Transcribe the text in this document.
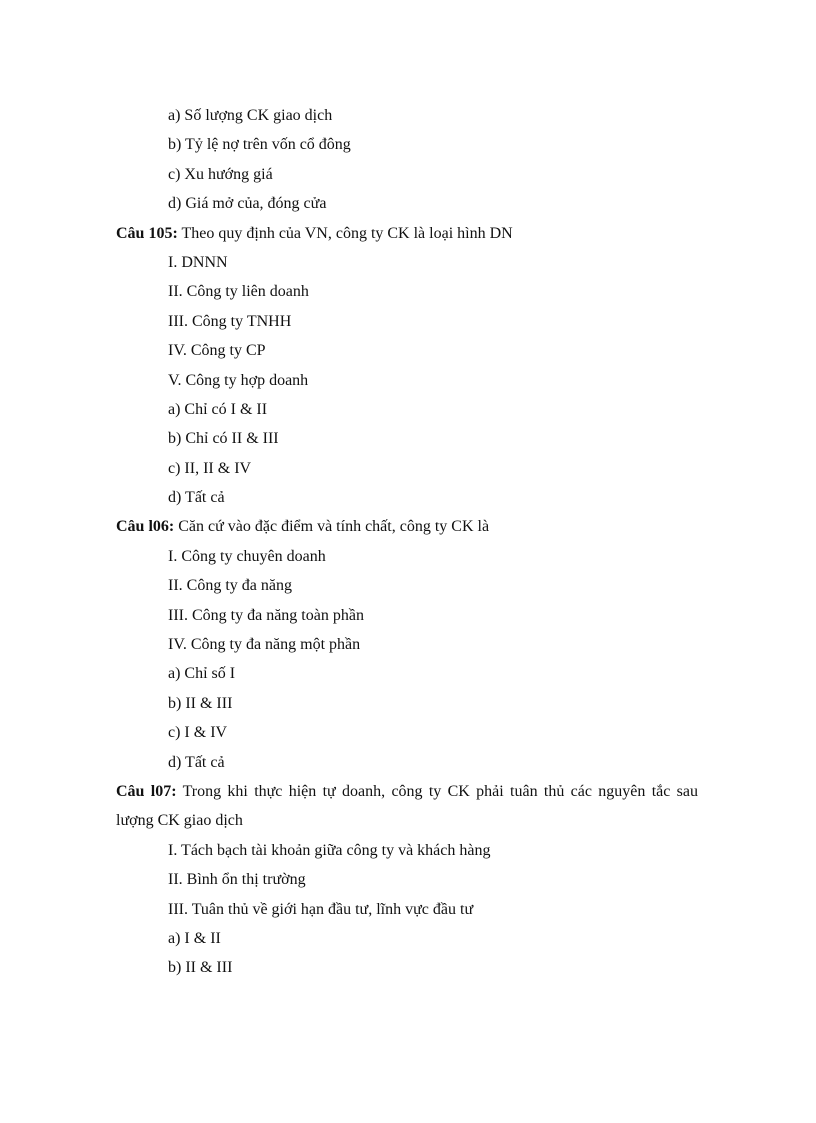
a) Số lượng CK giao dịch
b) Tỷ lệ nợ trên vốn cổ đông
c) Xu hướng giá
d) Giá mở của, đóng cửa
Câu 105: Theo quy định của VN, công ty CK là loại hình DN
I. DNNN
II. Công ty liên doanh
III. Công ty TNHH
IV. Công ty CP
V. Công ty hợp doanh
a) Chỉ có I & II
b) Chỉ có II & III
c) II, II & IV
d) Tất cả
Câu l06: Căn cứ vào đặc điểm và tính chất, công ty CK là
I. Công ty chuyên doanh
II. Công ty đa năng
III. Công ty đa năng toàn phần
IV. Công ty đa năng một phần
a) Chỉ số I
b) II & III
c) I & IV
d) Tất cả
Câu l07: Trong khi thực hiện tự doanh, công ty CK phải tuân thủ các nguyên tắc sau lượng CK giao dịch
I. Tách bạch tài khoản giữa công ty và khách hàng
II. Bình ổn thị trường
III. Tuân thủ về giới hạn đầu tư, lĩnh vực đầu tư
a) I & II
b) II & III
